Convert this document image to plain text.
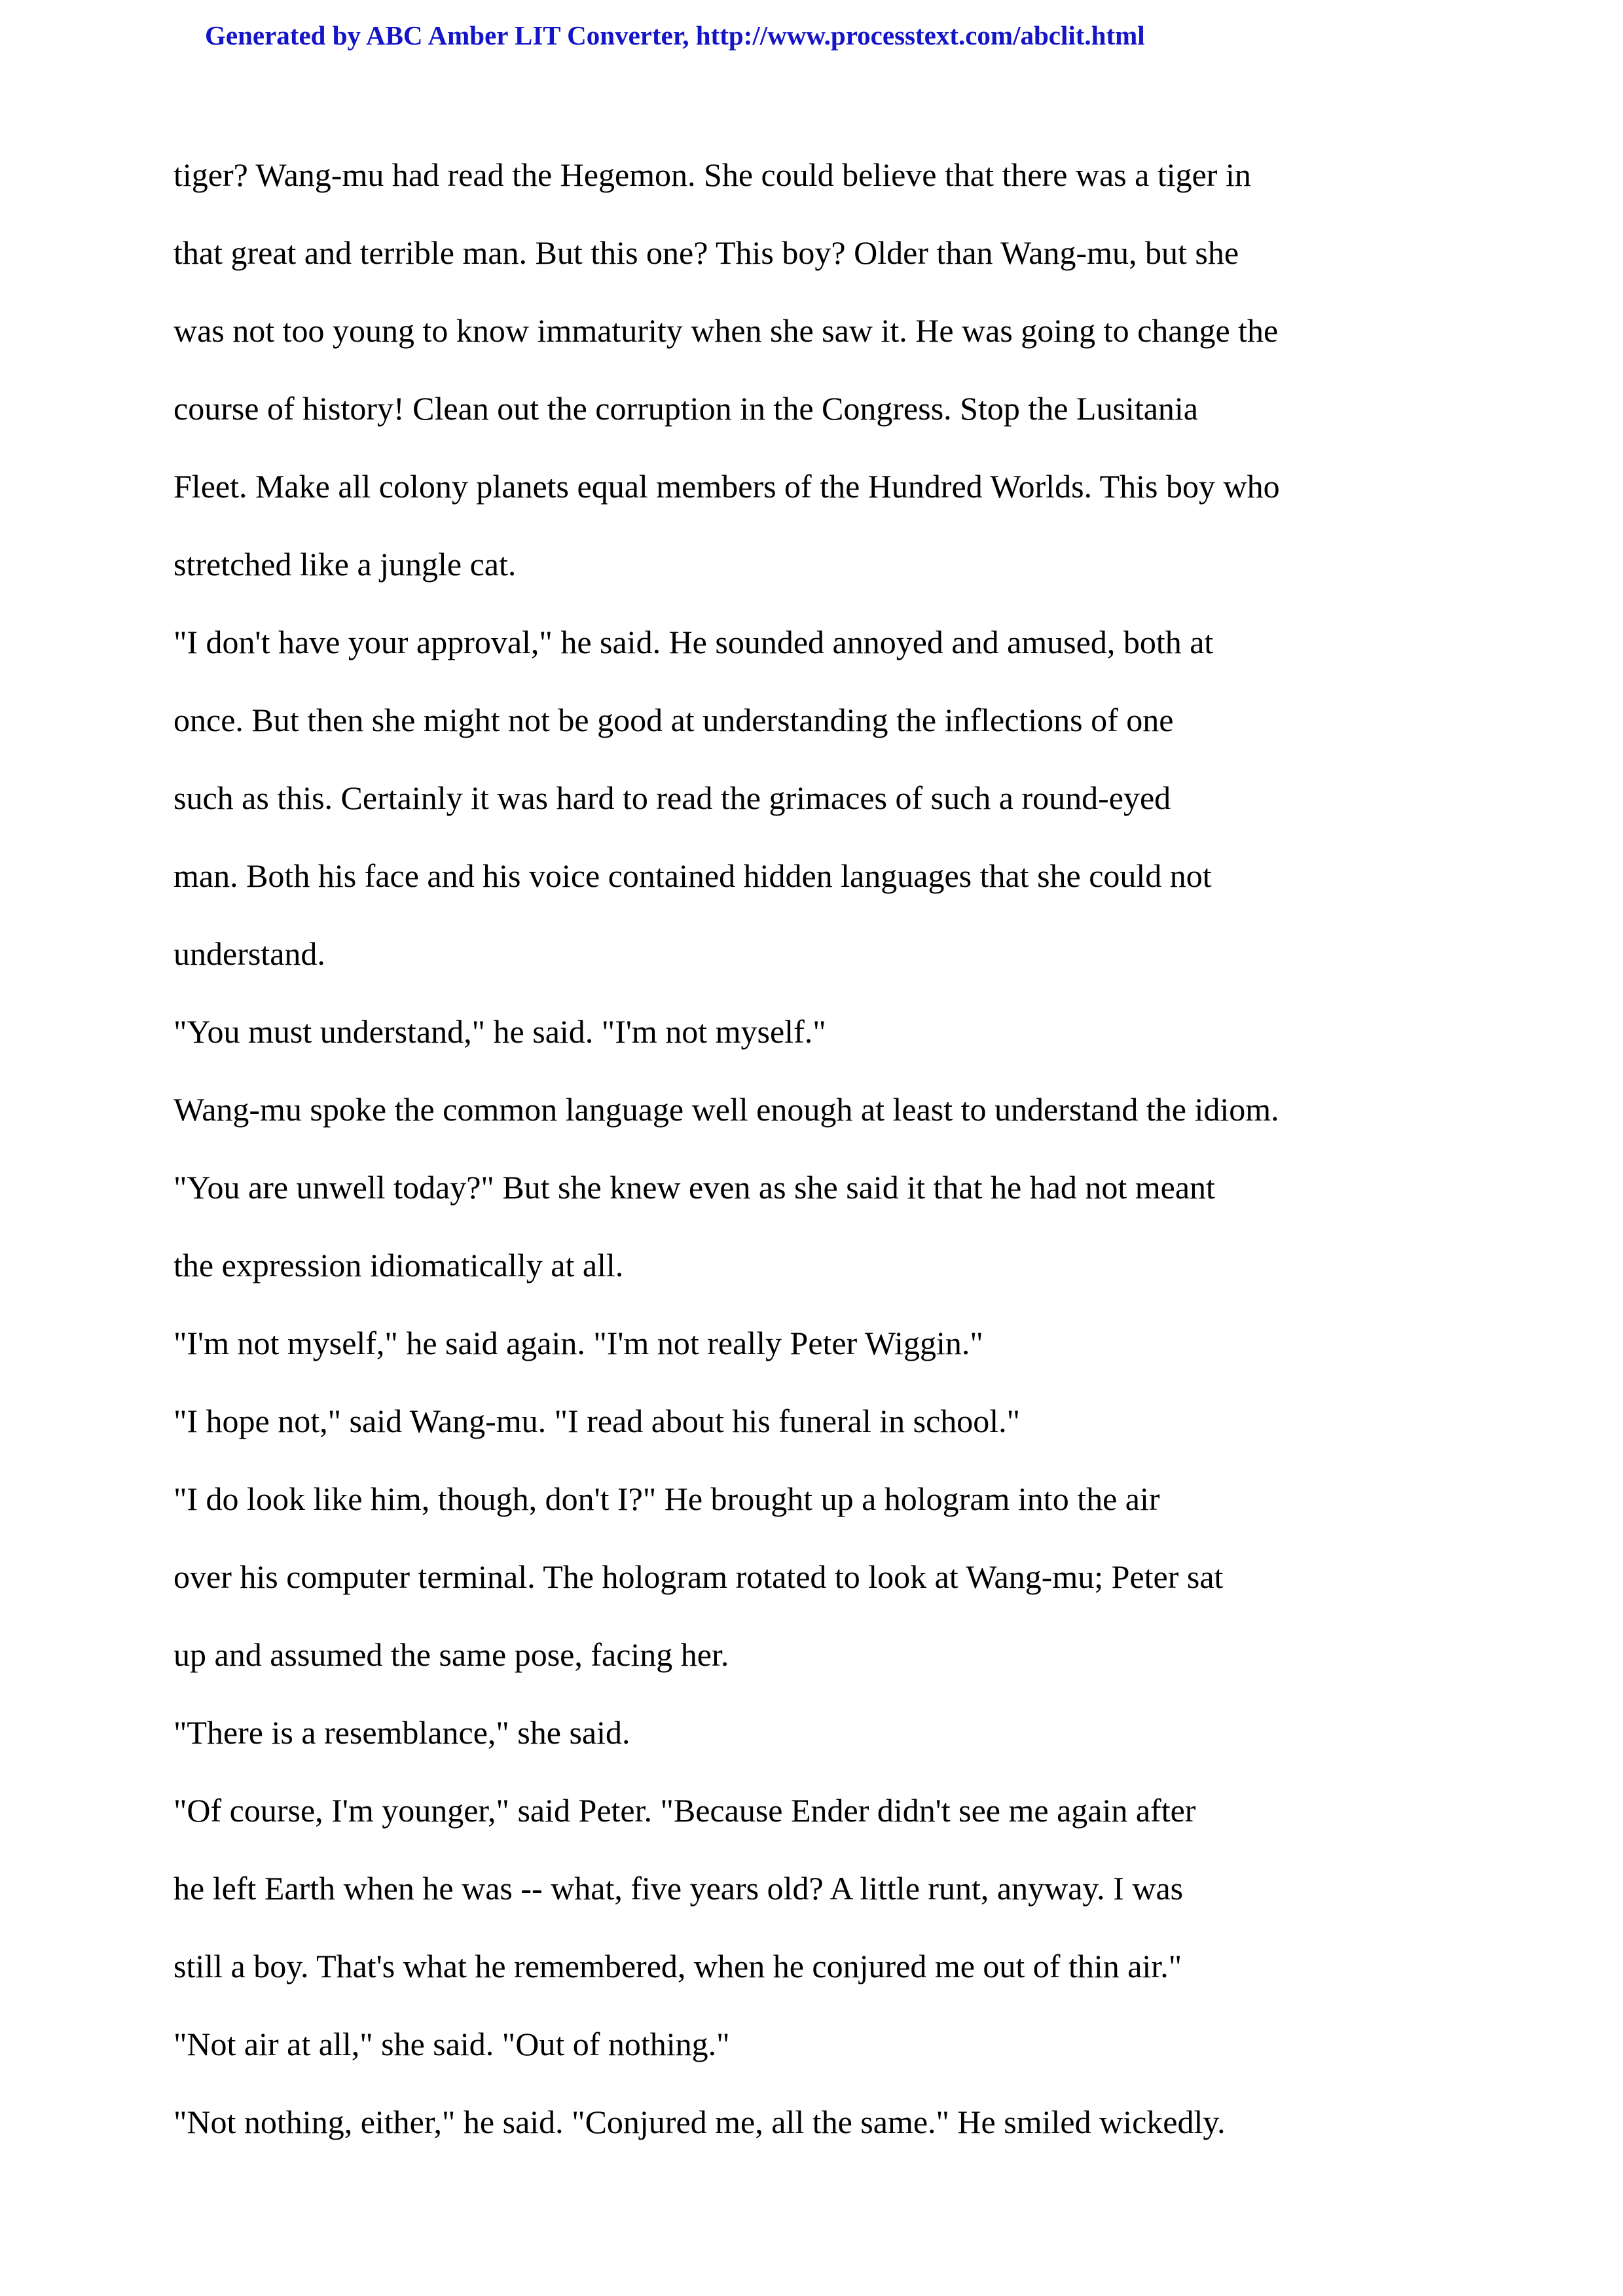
Generated by ABC Amber LIT Converter, http://www.processtext.com/abclit.html
tiger? Wang-mu had read the Hegemon. She could believe that there was a tiger in
that great and terrible man. But this one? This boy? Older than Wang-mu, but she
was not too young to know immaturity when she saw it. He was going to change the
course of history! Clean out the corruption in the Congress. Stop the Lusitania
Fleet. Make all colony planets equal members of the Hundred Worlds. This boy who
stretched like a jungle cat.
"I don't have your approval," he said. He sounded annoyed and amused, both at
once. But then she might not be good at understanding the inflections of one
such as this. Certainly it was hard to read the grimaces of such a round-eyed
man. Both his face and his voice contained hidden languages that she could not
understand.
"You must understand," he said. "I'm not myself."
Wang-mu spoke the common language well enough at least to understand the idiom.
"You are unwell today?" But she knew even as she said it that he had not meant
the expression idiomatically at all.
"I'm not myself," he said again. "I'm not really Peter Wiggin."
"I hope not," said Wang-mu. "I read about his funeral in school."
"I do look like him, though, don't I?" He brought up a hologram into the air
over his computer terminal. The hologram rotated to look at Wang-mu; Peter sat
up and assumed the same pose, facing her.
"There is a resemblance," she said.
"Of course, I'm younger," said Peter. "Because Ender didn't see me again after
he left Earth when he was -- what, five years old? A little runt, anyway. I was
still a boy. That's what he remembered, when he conjured me out of thin air."
"Not air at all," she said. "Out of nothing."
"Not nothing, either," he said. "Conjured me, all the same." He smiled wickedly.
